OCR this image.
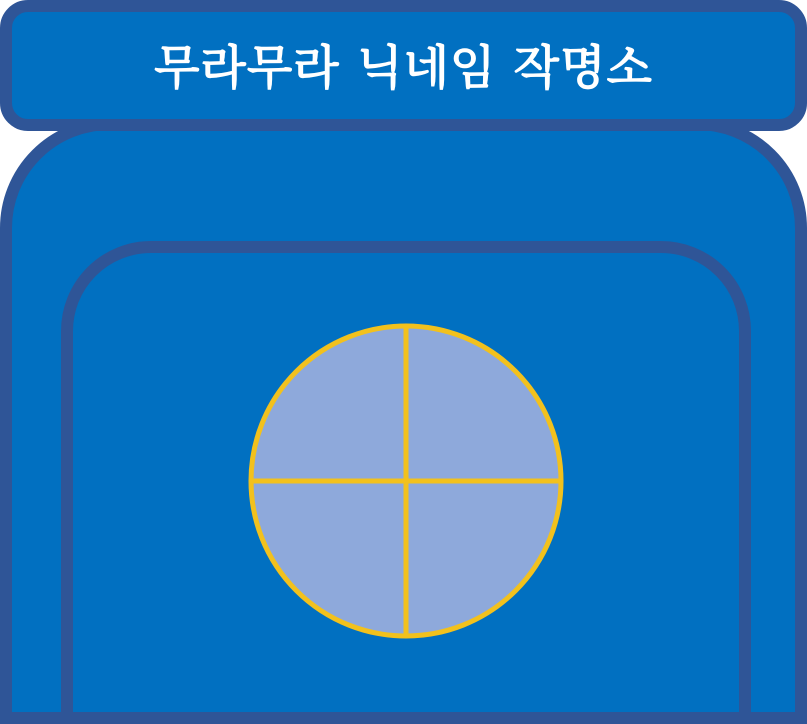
무라무라 닉네임 작명소
